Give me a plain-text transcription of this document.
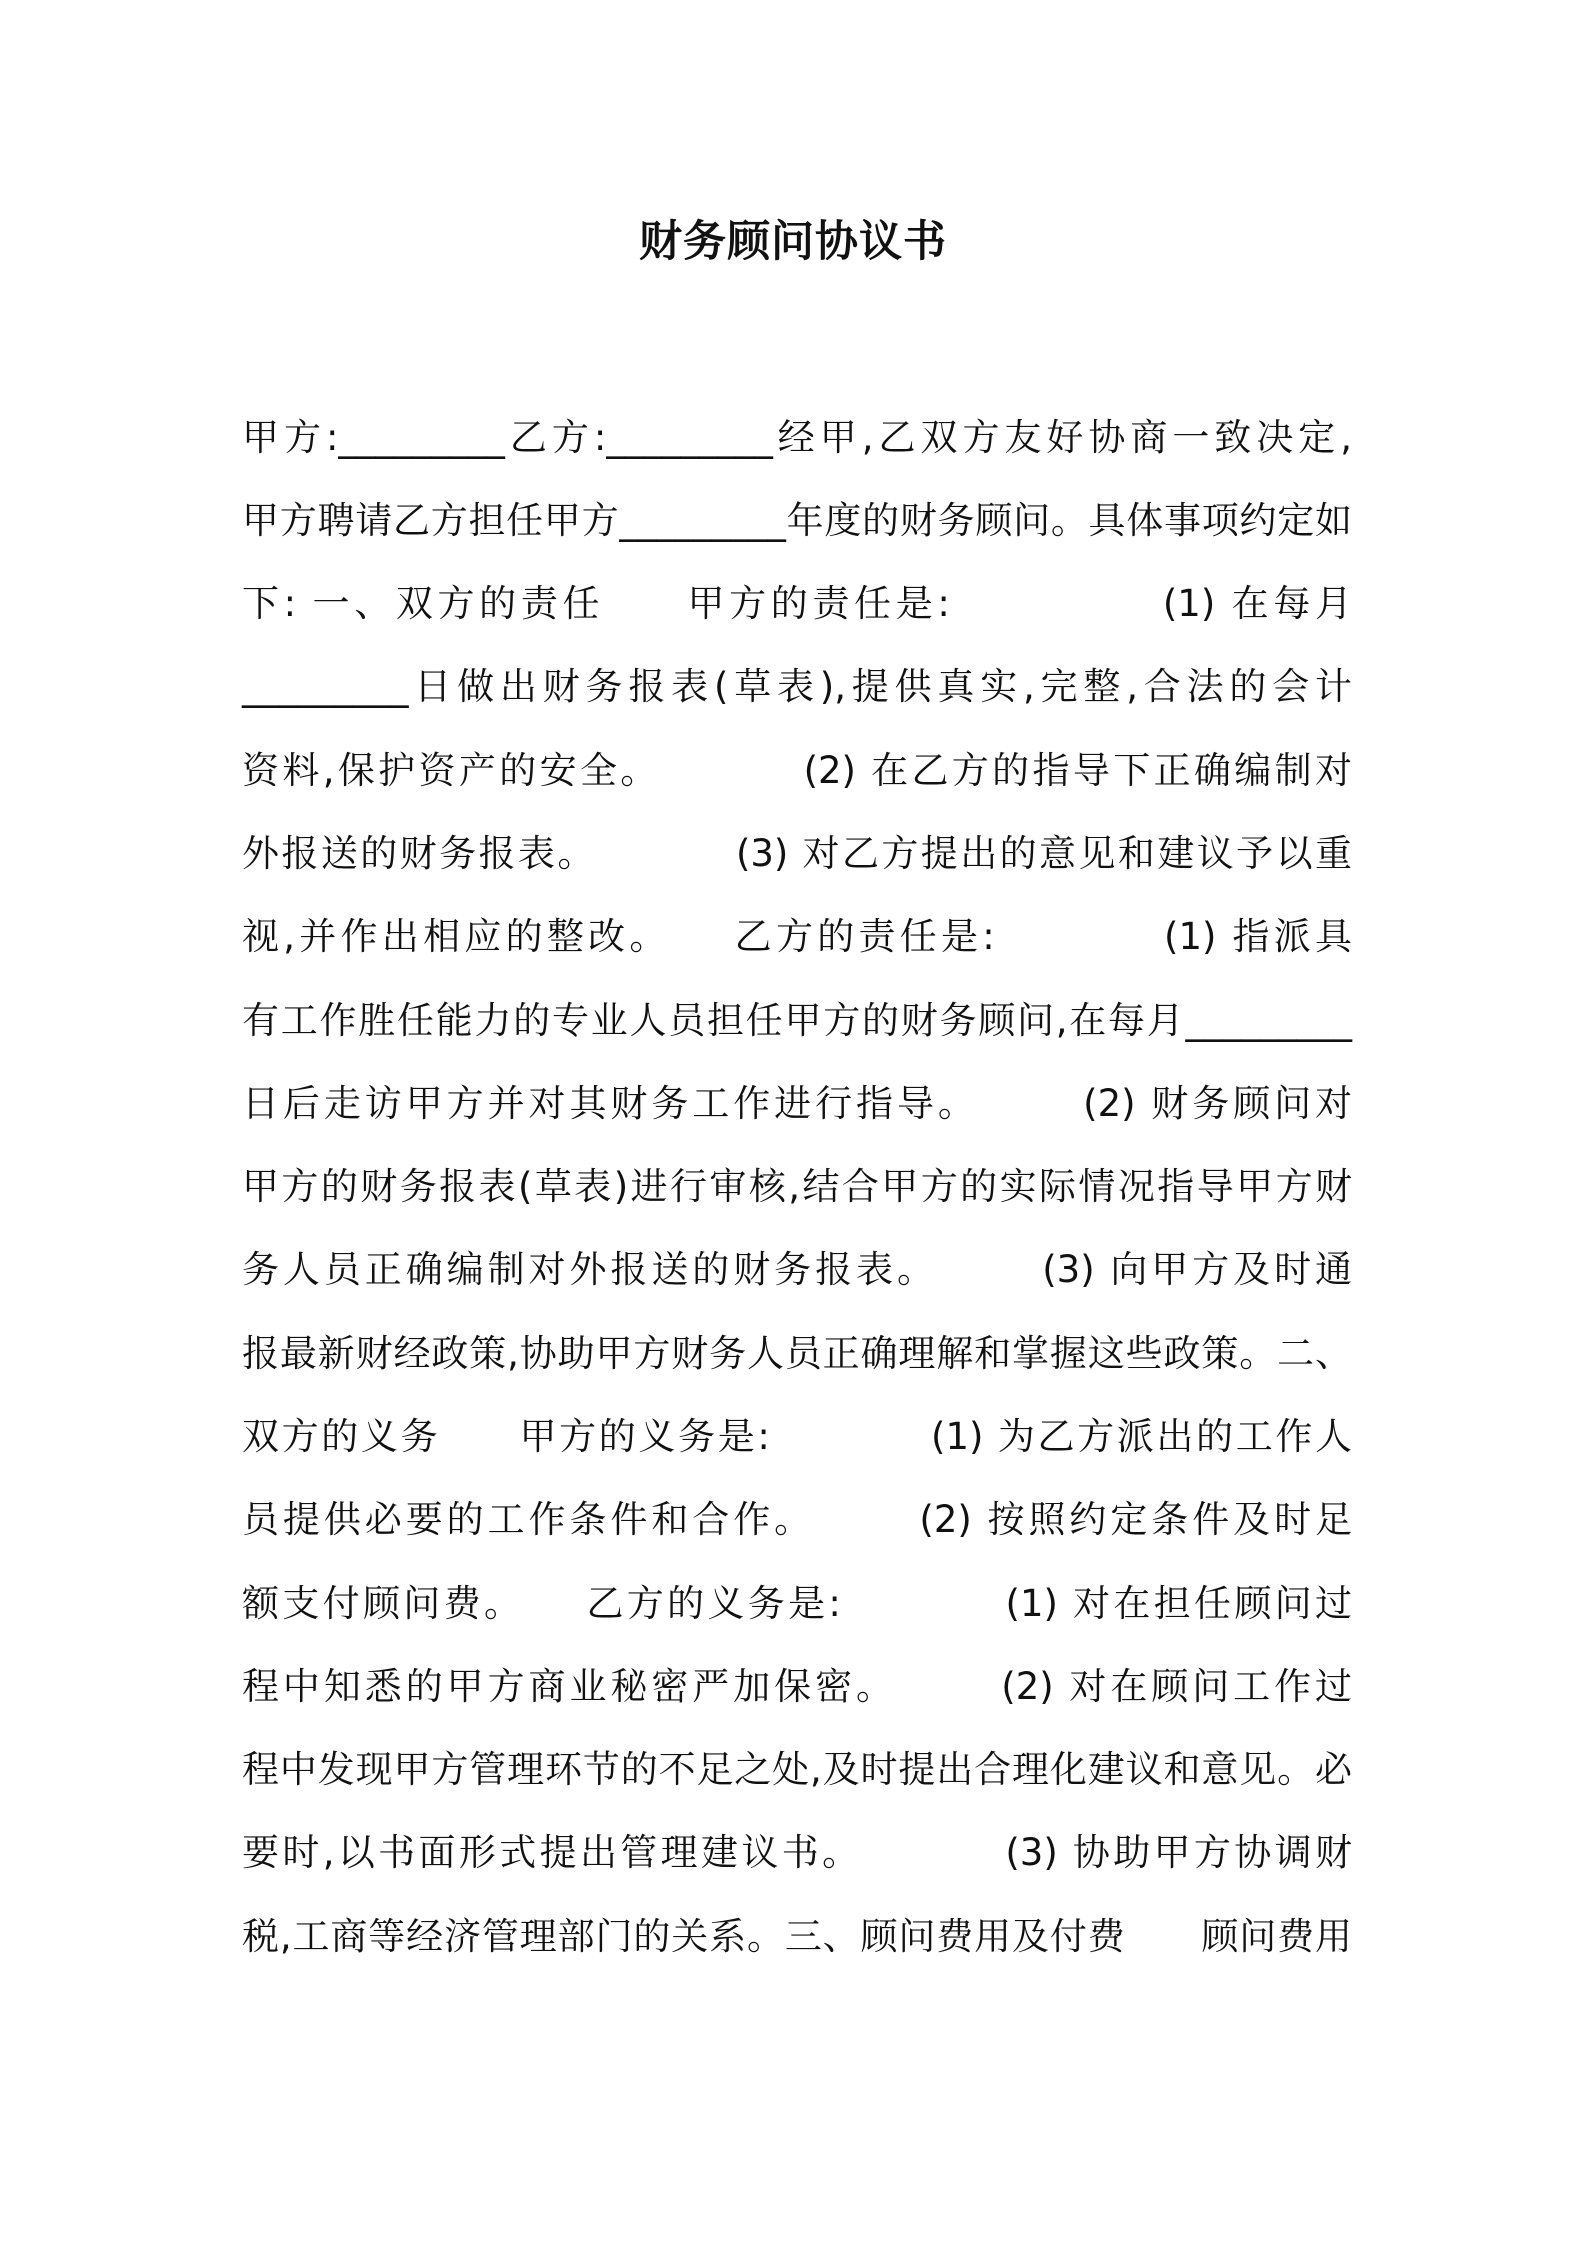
财务顾问协议书
甲方:_________乙方:_________经甲,乙双方友好协商一致决定,
甲方聘请乙方担任甲方_________年度的财务顾问。具体事项约定如
下: 一、双方的责任　　甲方的责任是:　　　　　(1) 在每月
_________日做出财务报表(草表),提供真实,完整,合法的会计
资料,保护资产的安全。　　　　(2) 在乙方的指导下正确编制对
外报送的财务报表。　　　　(3) 对乙方提出的意见和建议予以重
视,并作出相应的整改。　　乙方的责任是:　　　　(1) 指派具
有工作胜任能力的专业人员担任甲方的财务顾问,在每月_________
日后走访甲方并对其财务工作进行指导。　　　(2) 财务顾问对
甲方的财务报表(草表)进行审核,结合甲方的实际情况指导甲方财
务人员正确编制对外报送的财务报表。　　　(3) 向甲方及时通
报最新财经政策,协助甲方财务人员正确理解和掌握这些政策。二、
双方的义务　　甲方的义务是:　　　　(1) 为乙方派出的工作人
员提供必要的工作条件和合作。　　　(2) 按照约定条件及时足
额支付顾问费。　　乙方的义务是:　　　　(1) 对在担任顾问过
程中知悉的甲方商业秘密严加保密。　　　(2) 对在顾问工作过
程中发现甲方管理环节的不足之处,及时提出合理化建议和意见。必
要时,以书面形式提出管理建议书。　　　　(3) 协助甲方协调财
税,工商等经济管理部门的关系。三、顾问费用及付费　　顾问费用
